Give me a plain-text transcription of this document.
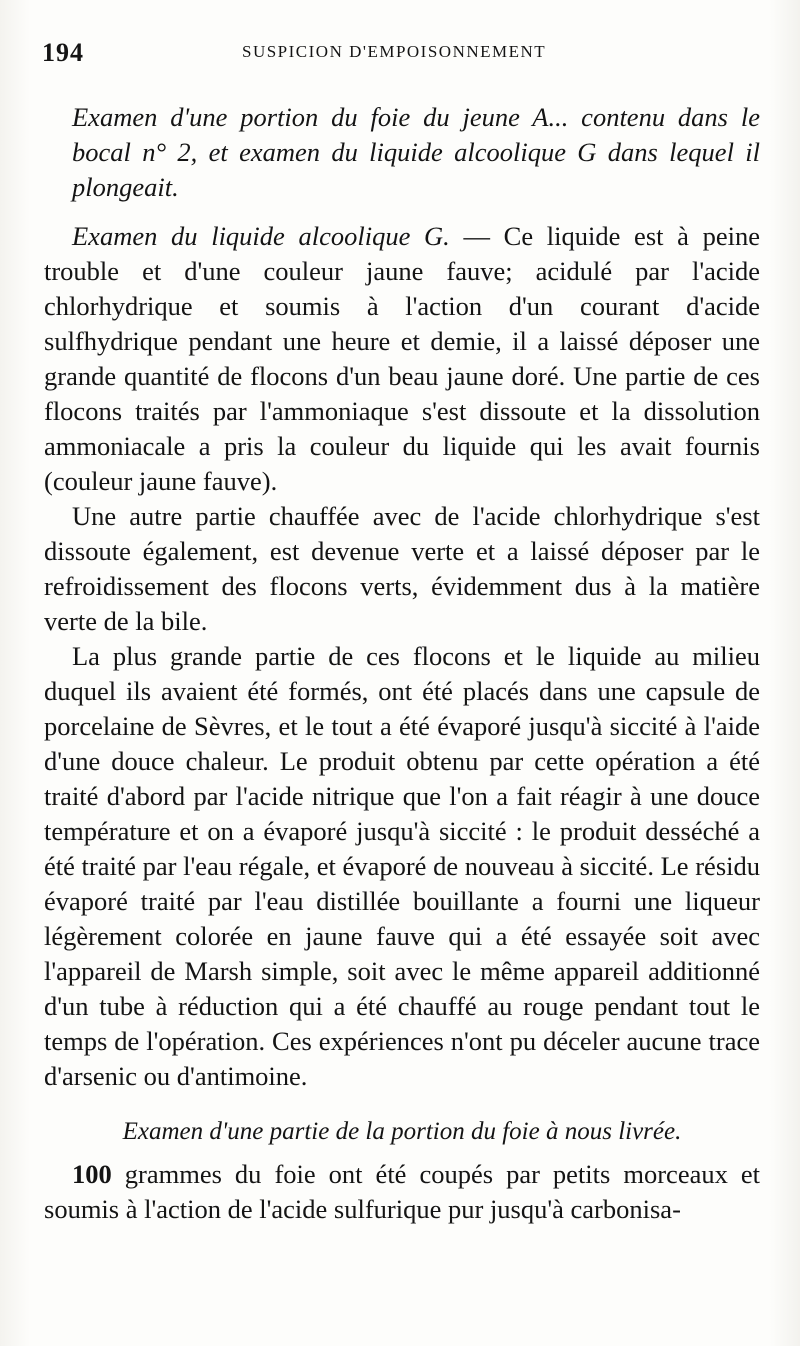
194	SUSPICION D'EMPOISONNEMENT

Examen d'une portion du foie du jeune A... contenu dans le bocal n° 2, et examen du liquide alcoolique G dans lequel il plongeait.

Examen du liquide alcoolique G. — Ce liquide est à peine trouble et d'une couleur jaune fauve; acidulé par l'acide chlorhydrique et soumis à l'action d'un courant d'acide sulfhydrique pendant une heure et demie, il a laissé déposer une grande quantité de flocons d'un beau jaune doré. Une partie de ces flocons traités par l'ammoniaque s'est dissoute et la dissolution ammoniacale a pris la couleur du liquide qui les avait fournis (couleur jaune fauve).

Une autre partie chauffée avec de l'acide chlorhydrique s'est dissoute également, est devenue verte et a laissé déposer par le refroidissement des flocons verts, évidemment dus à la matière verte de la bile.

La plus grande partie de ces flocons et le liquide au milieu duquel ils avaient été formés, ont été placés dans une capsule de porcelaine de Sèvres, et le tout a été évaporé jusqu'à siccité à l'aide d'une douce chaleur. Le produit obtenu par cette opération a été traité d'abord par l'acide nitrique que l'on a fait réagir à une douce température et on a évaporé jusqu'à siccité : le produit desséché a été traité par l'eau régale, et évaporé de nouveau à siccité. Le résidu évaporé traité par l'eau distillée bouillante a fourni une liqueur légèrement colorée en jaune fauve qui a été essayée soit avec l'appareil de Marsh simple, soit avec le même appareil additionné d'un tube à réduction qui a été chauffé au rouge pendant tout le temps de l'opération. Ces expériences n'ont pu déceler aucune trace d'arsenic ou d'antimoine.

Examen d'une partie de la portion du foie à nous livrée.

100 grammes du foie ont été coupés par petits morceaux et soumis à l'action de l'acide sulfurique pur jusqu'à carbonisa-
